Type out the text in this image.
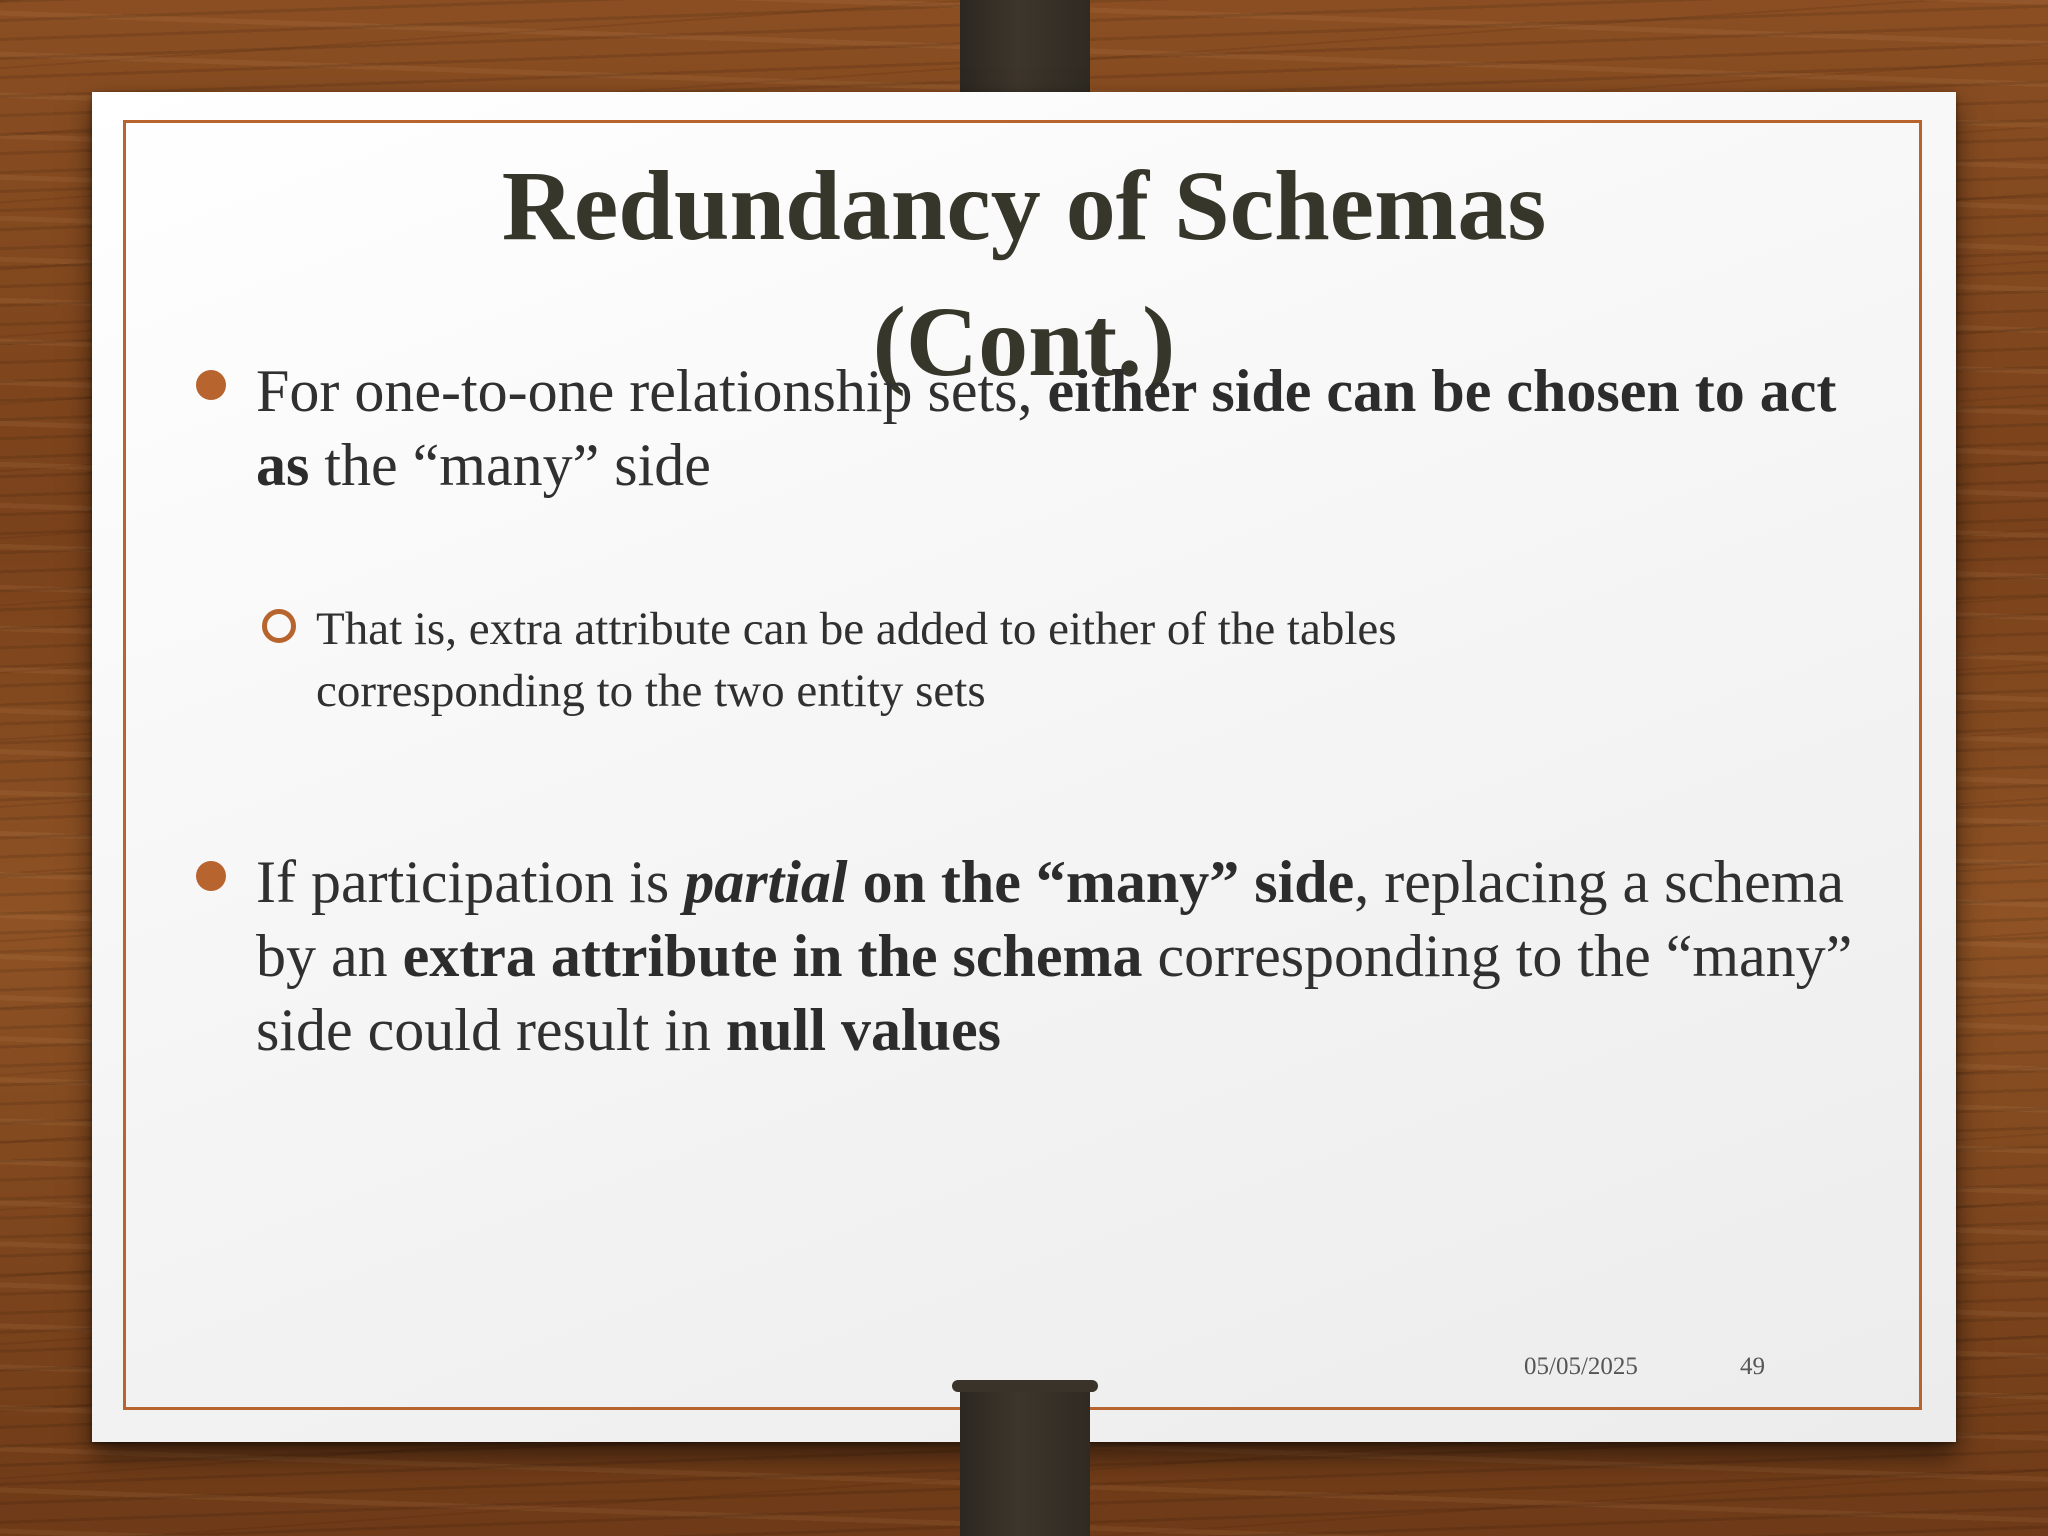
Redundancy of Schemas
(Cont.)

For one-to-one relationship sets, either side can be chosen to act as the “many” side

That is, extra attribute can be added to either of the tables
corresponding to the two entity sets

If participation is partial on the “many” side, replacing a schema by an extra attribute in the schema corresponding to the “many” side could result in null values

05/05/2025	49
